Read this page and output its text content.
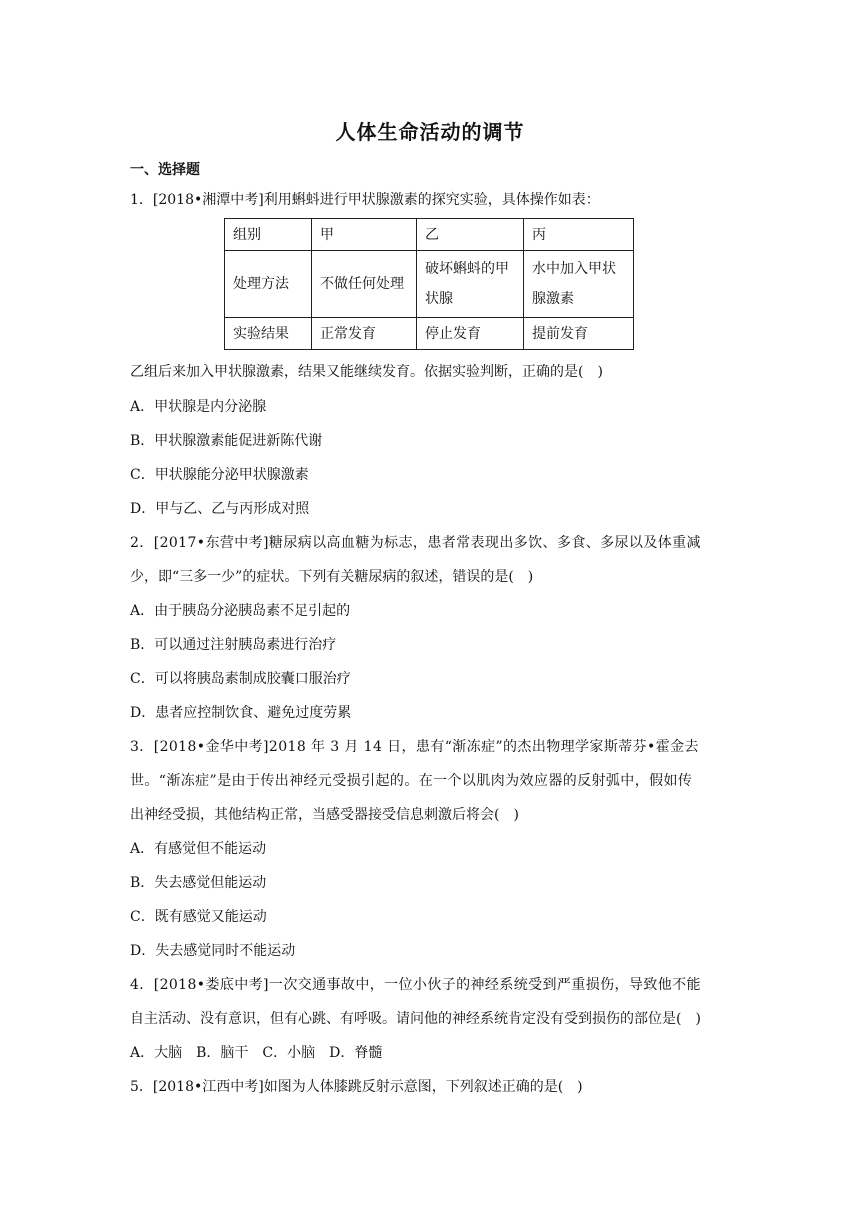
人体生命活动的调节
一、选择题
1．[2018•湘潭中考]利用蝌蚪进行甲状腺激素的探究实验，具体操作如表：
组别	甲	乙	丙
处理方法	不做任何处理	破坏蝌蚪的甲状腺	水中加入甲状腺激素
实验结果	正常发育	停止发育	提前发育
乙组后来加入甲状腺激素，结果又能继续发育。依据实验判断，正确的是(　)
A．甲状腺是内分泌腺
B．甲状腺激素能促进新陈代谢
C．甲状腺能分泌甲状腺激素
D．甲与乙、乙与丙形成对照
2．[2017•东营中考]糖尿病以高血糖为标志，患者常表现出多饮、多食、多尿以及体重减
少，即“三多一少”的症状。下列有关糖尿病的叙述，错误的是(　)
A．由于胰岛分泌胰岛素不足引起的
B．可以通过注射胰岛素进行治疗
C．可以将胰岛素制成胶囊口服治疗
D．患者应控制饮食、避免过度劳累
3．[2018•金华中考]2018 年 3 月 14 日，患有“渐冻症”的杰出物理学家斯蒂芬•霍金去
世。“渐冻症”是由于传出神经元受损引起的。在一个以肌肉为效应器的反射弧中，假如传
出神经受损，其他结构正常，当感受器接受信息刺激后将会(　)
A．有感觉但不能运动
B．失去感觉但能运动
C．既有感觉又能运动
D．失去感觉同时不能运动
4．[2018•娄底中考]一次交通事故中，一位小伙子的神经系统受到严重损伤，导致他不能
自主活动、没有意识，但有心跳、有呼吸。请问他的神经系统肯定没有受到损伤的部位是(　)
A．大脑　B．脑干　C．小脑　D．脊髓
5．[2018•江西中考]如图为人体膝跳反射示意图，下列叙述正确的是(　)
